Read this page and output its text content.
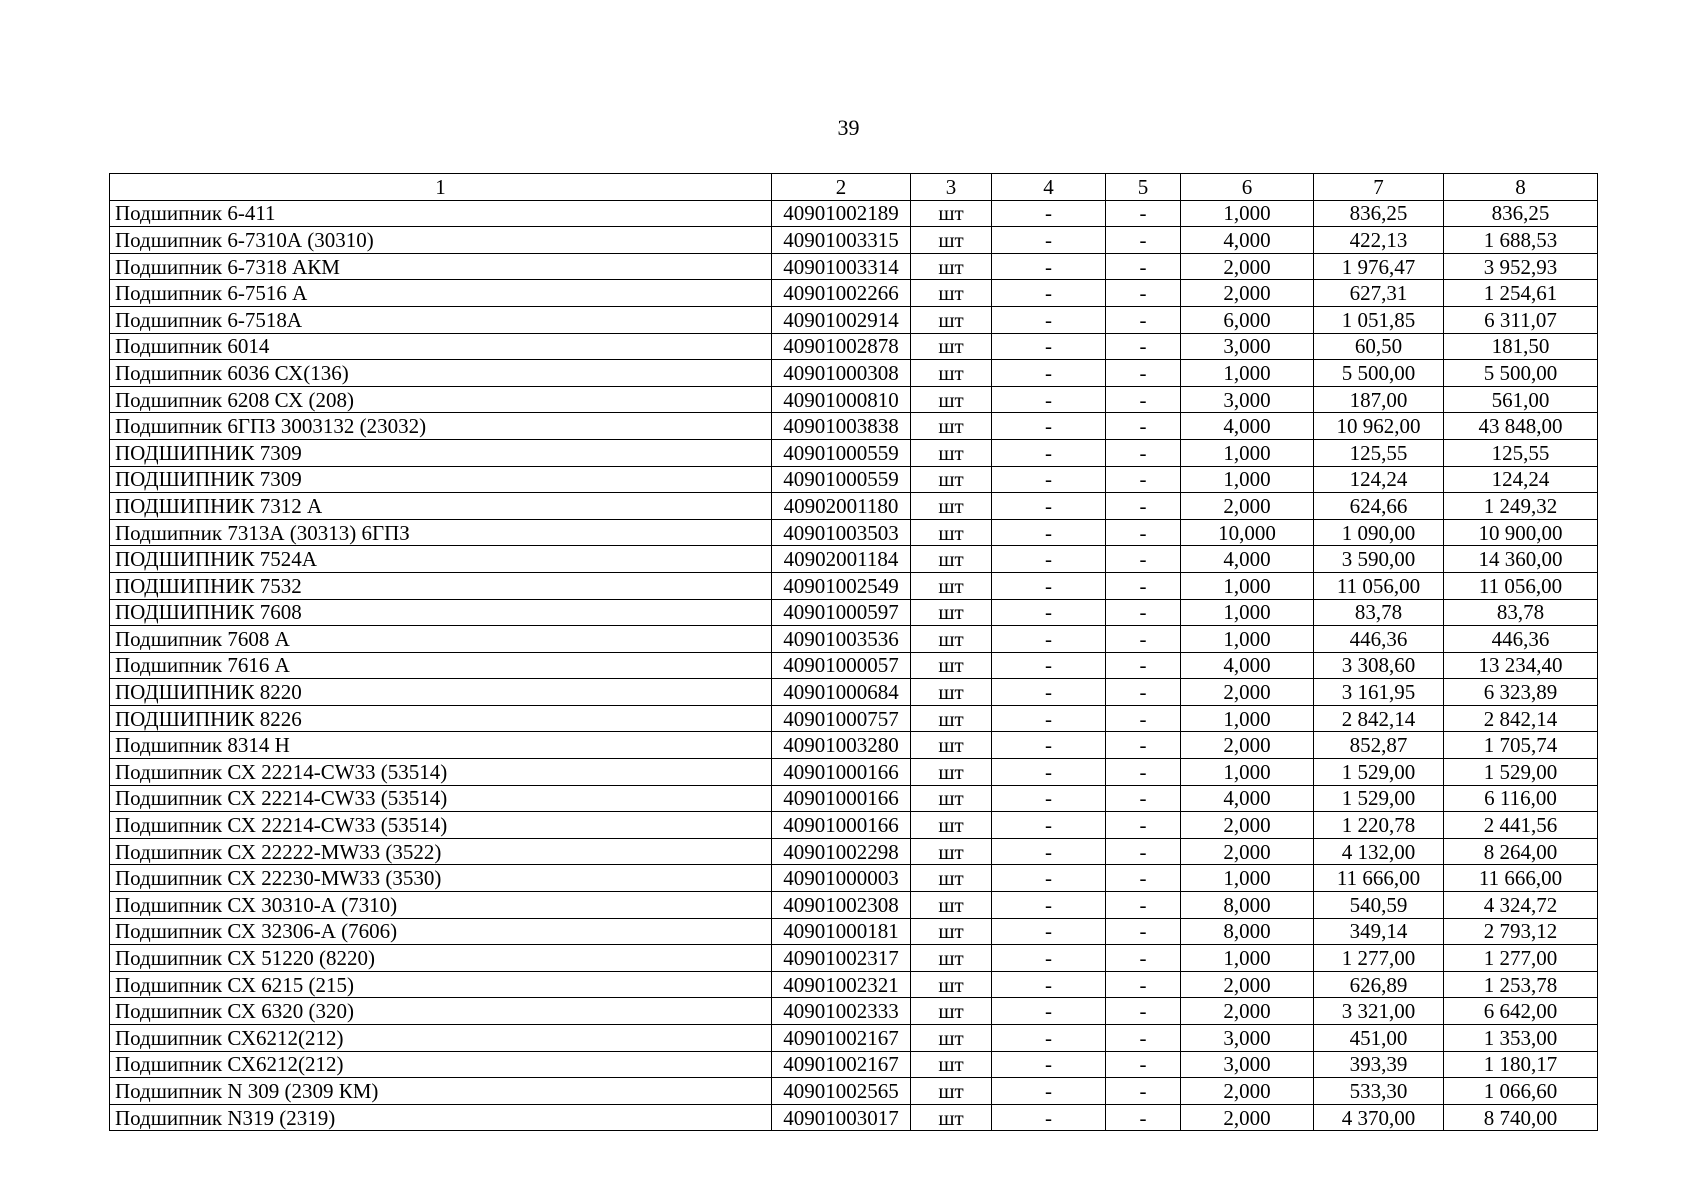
39
1	2	3	4	5	6	7	8
Подшипник 6-411	40901002189	шт	-	-	1,000	836,25	836,25
Подшипник 6-7310А (30310)	40901003315	шт	-	-	4,000	422,13	1 688,53
Подшипник 6-7318 АКМ	40901003314	шт	-	-	2,000	1 976,47	3 952,93
Подшипник 6-7516 А	40901002266	шт	-	-	2,000	627,31	1 254,61
Подшипник 6-7518А	40901002914	шт	-	-	6,000	1 051,85	6 311,07
Подшипник 6014	40901002878	шт	-	-	3,000	60,50	181,50
Подшипник 6036 СХ(136)	40901000308	шт	-	-	1,000	5 500,00	5 500,00
Подшипник 6208 СХ (208)	40901000810	шт	-	-	3,000	187,00	561,00
Подшипник 6ГПЗ 3003132 (23032)	40901003838	шт	-	-	4,000	10 962,00	43 848,00
ПОДШИПНИК 7309	40901000559	шт	-	-	1,000	125,55	125,55
ПОДШИПНИК 7309	40901000559	шт	-	-	1,000	124,24	124,24
ПОДШИПНИК 7312 А	40902001180	шт	-	-	2,000	624,66	1 249,32
Подшипник 7313А (30313) 6ГПЗ	40901003503	шт	-	-	10,000	1 090,00	10 900,00
ПОДШИПНИК 7524А	40902001184	шт	-	-	4,000	3 590,00	14 360,00
ПОДШИПНИК 7532	40901002549	шт	-	-	1,000	11 056,00	11 056,00
ПОДШИПНИК 7608	40901000597	шт	-	-	1,000	83,78	83,78
Подшипник 7608 А	40901003536	шт	-	-	1,000	446,36	446,36
Подшипник 7616 А	40901000057	шт	-	-	4,000	3 308,60	13 234,40
ПОДШИПНИК 8220	40901000684	шт	-	-	2,000	3 161,95	6 323,89
ПОДШИПНИК 8226	40901000757	шт	-	-	1,000	2 842,14	2 842,14
Подшипник 8314 Н	40901003280	шт	-	-	2,000	852,87	1 705,74
Подшипник СХ 22214-CW33 (53514)	40901000166	шт	-	-	1,000	1 529,00	1 529,00
Подшипник СХ 22214-CW33 (53514)	40901000166	шт	-	-	4,000	1 529,00	6 116,00
Подшипник СХ 22214-CW33 (53514)	40901000166	шт	-	-	2,000	1 220,78	2 441,56
Подшипник СХ 22222-MW33 (3522)	40901002298	шт	-	-	2,000	4 132,00	8 264,00
Подшипник СХ 22230-MW33 (3530)	40901000003	шт	-	-	1,000	11 666,00	11 666,00
Подшипник СХ 30310-А (7310)	40901002308	шт	-	-	8,000	540,59	4 324,72
Подшипник СХ 32306-А (7606)	40901000181	шт	-	-	8,000	349,14	2 793,12
Подшипник СХ 51220 (8220)	40901002317	шт	-	-	1,000	1 277,00	1 277,00
Подшипник СХ 6215 (215)	40901002321	шт	-	-	2,000	626,89	1 253,78
Подшипник СХ 6320 (320)	40901002333	шт	-	-	2,000	3 321,00	6 642,00
Подшипник СХ6212(212)	40901002167	шт	-	-	3,000	451,00	1 353,00
Подшипник СХ6212(212)	40901002167	шт	-	-	3,000	393,39	1 180,17
Подшипник N 309 (2309 КМ)	40901002565	шт	-	-	2,000	533,30	1 066,60
Подшипник N319 (2319)	40901003017	шт	-	-	2,000	4 370,00	8 740,00
